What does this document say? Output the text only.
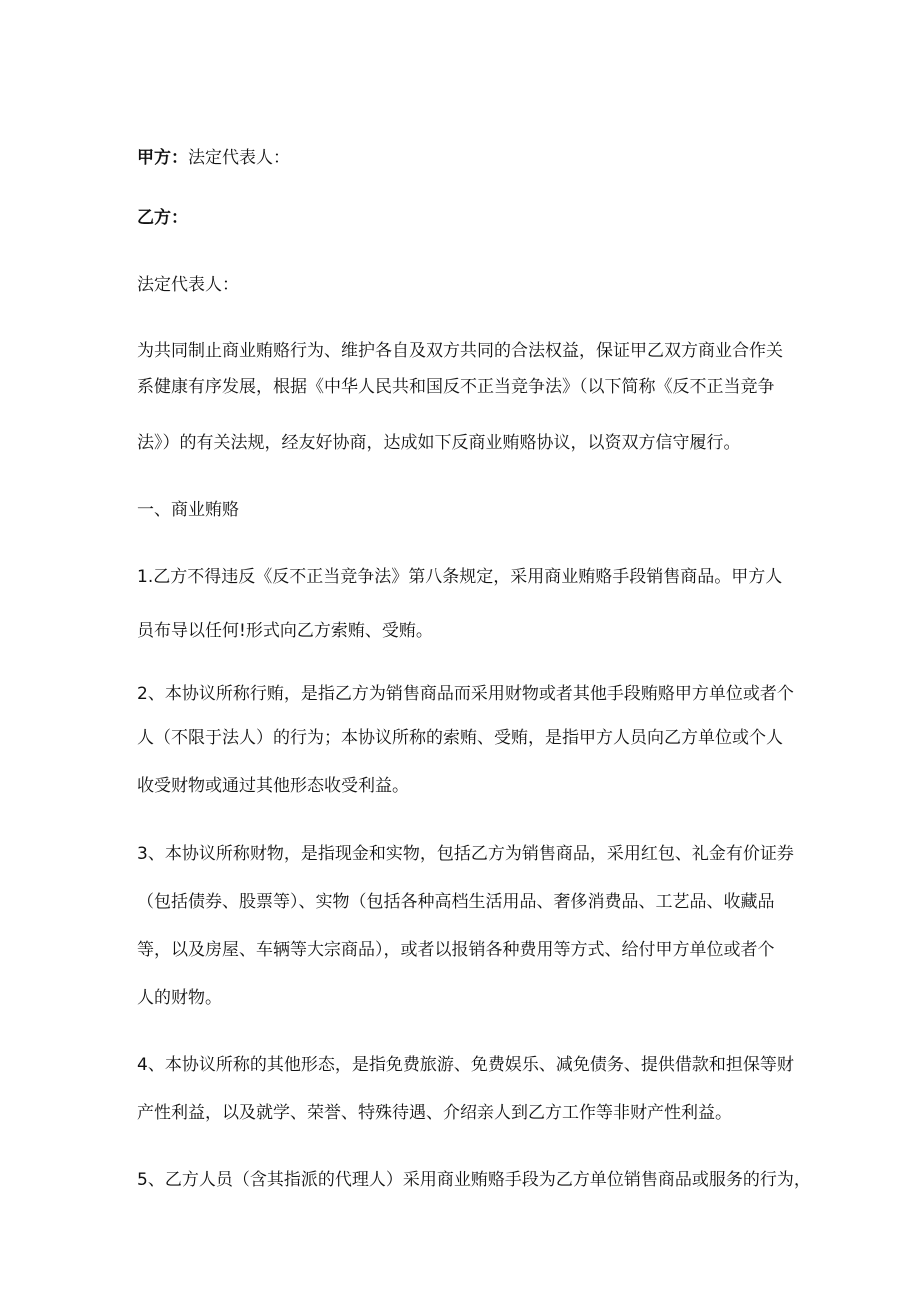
甲方：法定代表人：
乙方：
法定代表人：
为共同制止商业贿赂行为、维护各自及双方共同的合法权益，保证甲乙双方商业合作关
系健康有序发展，根据《中华人民共和国反不正当竞争法》（以下简称《反不正当竞争
法》）的有关法规，经友好协商，达成如下反商业贿赂协议，以资双方信守履行。
一、商业贿赂
1.乙方不得违反《反不正当竞争法》第八条规定，采用商业贿赂手段销售商品。甲方人
员布导以任何!形式向乙方索贿、受贿。
2、本协议所称行贿，是指乙方为销售商品而采用财物或者其他手段贿赂甲方单位或者个
人（不限于法人）的行为；本协议所称的索贿、受贿，是指甲方人员向乙方单位或个人
收受财物或通过其他形态收受利益。
3、本协议所称财物，是指现金和实物，包括乙方为销售商品，采用红包、礼金有价证券
（包括债券、股票等）、实物（包括各种高档生活用品、奢侈消费品、工艺品、收藏品
等，以及房屋、车辆等大宗商品），或者以报销各种费用等方式、给付甲方单位或者个
人的财物。
4、本协议所称的其他形态，是指免费旅游、免费娱乐、减免债务、提供借款和担保等财
产性利益，以及就学、荣誉、特殊待遇、介绍亲人到乙方工作等非财产性利益。
5、乙方人员（含其指派的代理人）采用商业贿赂手段为乙方单位销售商品或服务的行为，
